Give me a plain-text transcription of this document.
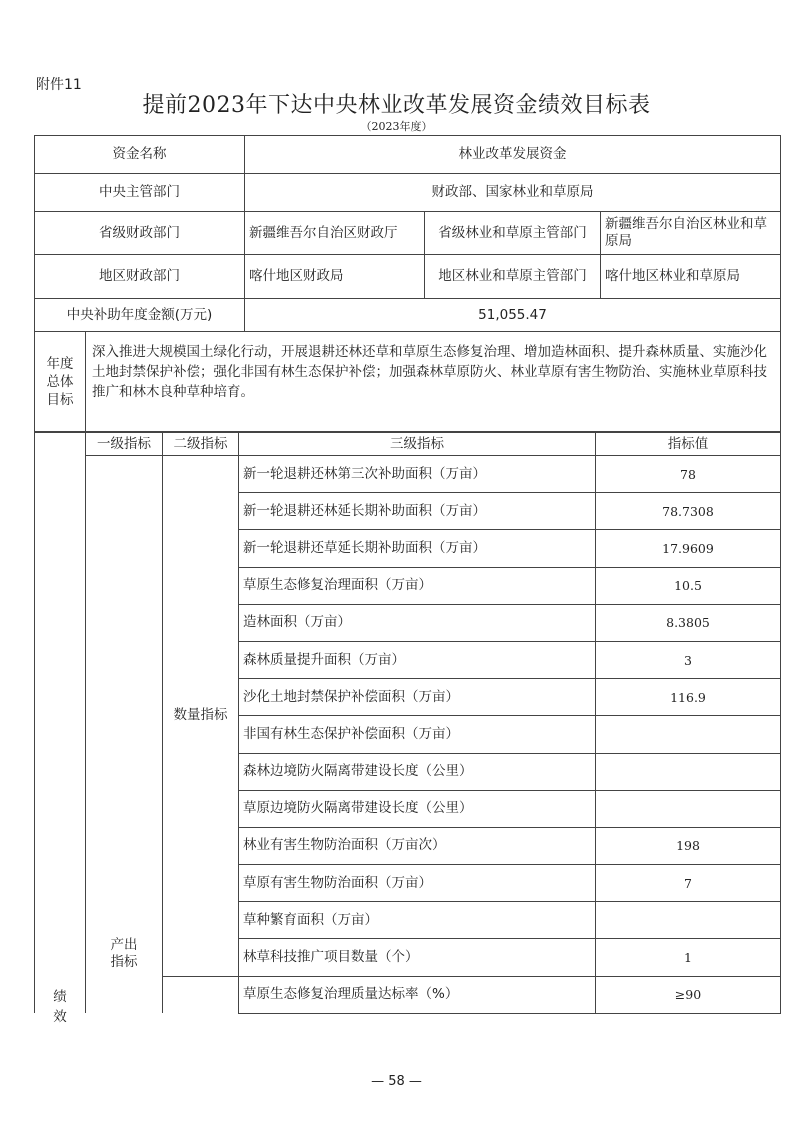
附件11
提前2023年下达中央林业改革发展资金绩效目标表
（2023年度）
资金名称	林业改革发展资金		
中央主管部门	财政部、国家林业和草原局		
省级财政部门	新疆维吾尔自治区财政厅	省级林业和草原主管部门	新疆维吾尔自治区林业和草原局
地区财政部门	喀什地区财政局	地区林业和草原主管部门	喀什地区林业和草原局
中央补助年度金额(万元)	51,055.47		

年度
总体
目标
深入推进大规模国土绿化行动，开展退耕还林还草和草原生态修复治理、增加造林面积、提升森林质量、实施沙化土地封禁保护补偿；强化非国有林生态保护补偿；加强森林草原防火、林业草原有害生物防治、实施林业草原科技推广和林木良种草种培育。			
绩
效	一级指标	二级指标	三级指标	指标值

	产出
指标	数量指标	新一轮退耕还林第三次补助面积（万亩）	78
			新一轮退耕还林延长期补助面积（万亩）	78.7308
			新一轮退耕还草延长期补助面积（万亩）	17.9609
			草原生态修复治理面积（万亩）	10.5
			造林面积（万亩）	8.3805
			森林质量提升面积（万亩）	3
			沙化土地封禁保护补偿面积（万亩）	116.9
			非国有林生态保护补偿面积（万亩）	
			森林边境防火隔离带建设长度（公里）	
			草原边境防火隔离带建设长度（公里）	
			林业有害生物防治面积（万亩次）	198
			草原有害生物防治面积（万亩）	7
			草种繁育面积（万亩）	
			林草科技推广项目数量（个）	1
			草原生态修复治理质量达标率（%）	≥90
— 58 —
